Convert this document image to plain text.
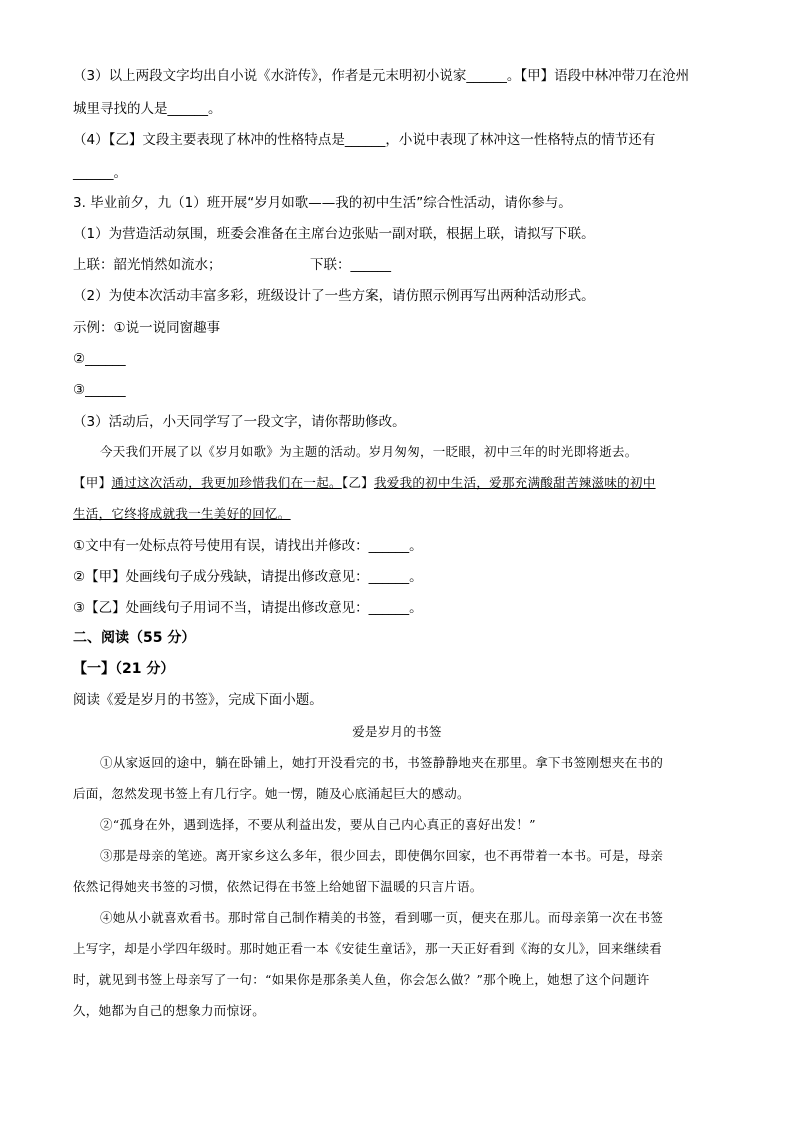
（3）以上两段文字均出自小说《水浒传》，作者是元末明初小说家______。【甲】语段中林冲带刀在沧州
城里寻找的人是______。
（4）【乙】文段主要表现了林冲的性格特点是______，小说中表现了林冲这一性格特点的情节还有
______。
3. 毕业前夕，九（1）班开展“岁月如歌——我的初中生活”综合性活动，请你参与。
（1）为营造活动氛围，班委会准备在主席台边张贴一副对联，根据上联，请拟写下联。
上联：韶光悄然如流水；	下联：______
（2）为使本次活动丰富多彩，班级设计了一些方案，请仿照示例再写出两种活动形式。
示例：①说一说同窗趣事
②______
③______
（3）活动后，小天同学写了一段文字，请你帮助修改。
今天我们开展了以《岁月如歌》为主题的活动。岁月匆匆，一眨眼，初中三年的时光即将逝去。
【甲】通过这次活动，我更加珍惜我们在一起。【乙】我爱我的初中生活，爱那充满酸甜苦辣滋味的初中
生活，它终将成就我一生美好的回忆。
①文中有一处标点符号使用有误，请找出并修改：______。
②【甲】处画线句子成分残缺，请提出修改意见：______。
③【乙】处画线句子用词不当，请提出修改意见：______。
二、阅读（55 分）
【一】（21 分）
阅读《爱是岁月的书签》，完成下面小题。
爱是岁月的书签
①从家返回的途中，躺在卧铺上，她打开没看完的书，书签静静地夹在那里。拿下书签刚想夹在书的
后面，忽然发现书签上有几行字。她一愣，随及心底涌起巨大的感动。
②“孤身在外，遇到选择，不要从利益出发，要从自己内心真正的喜好出发！”
③那是母亲的笔迹。离开家乡这么多年，很少回去，即使偶尔回家，也不再带着一本书。可是，母亲
依然记得她夹书签的习惯，依然记得在书签上给她留下温暖的只言片语。
④她从小就喜欢看书。那时常自己制作精美的书签，看到哪一页，便夹在那儿。而母亲第一次在书签
上写字，却是小学四年级时。那时她正看一本《安徒生童话》，那一天正好看到《海的女儿》，回来继续看
时，就见到书签上母亲写了一句：“如果你是那条美人鱼，你会怎么做？”那个晚上，她想了这个问题许
久，她都为自己的想象力而惊讶。
